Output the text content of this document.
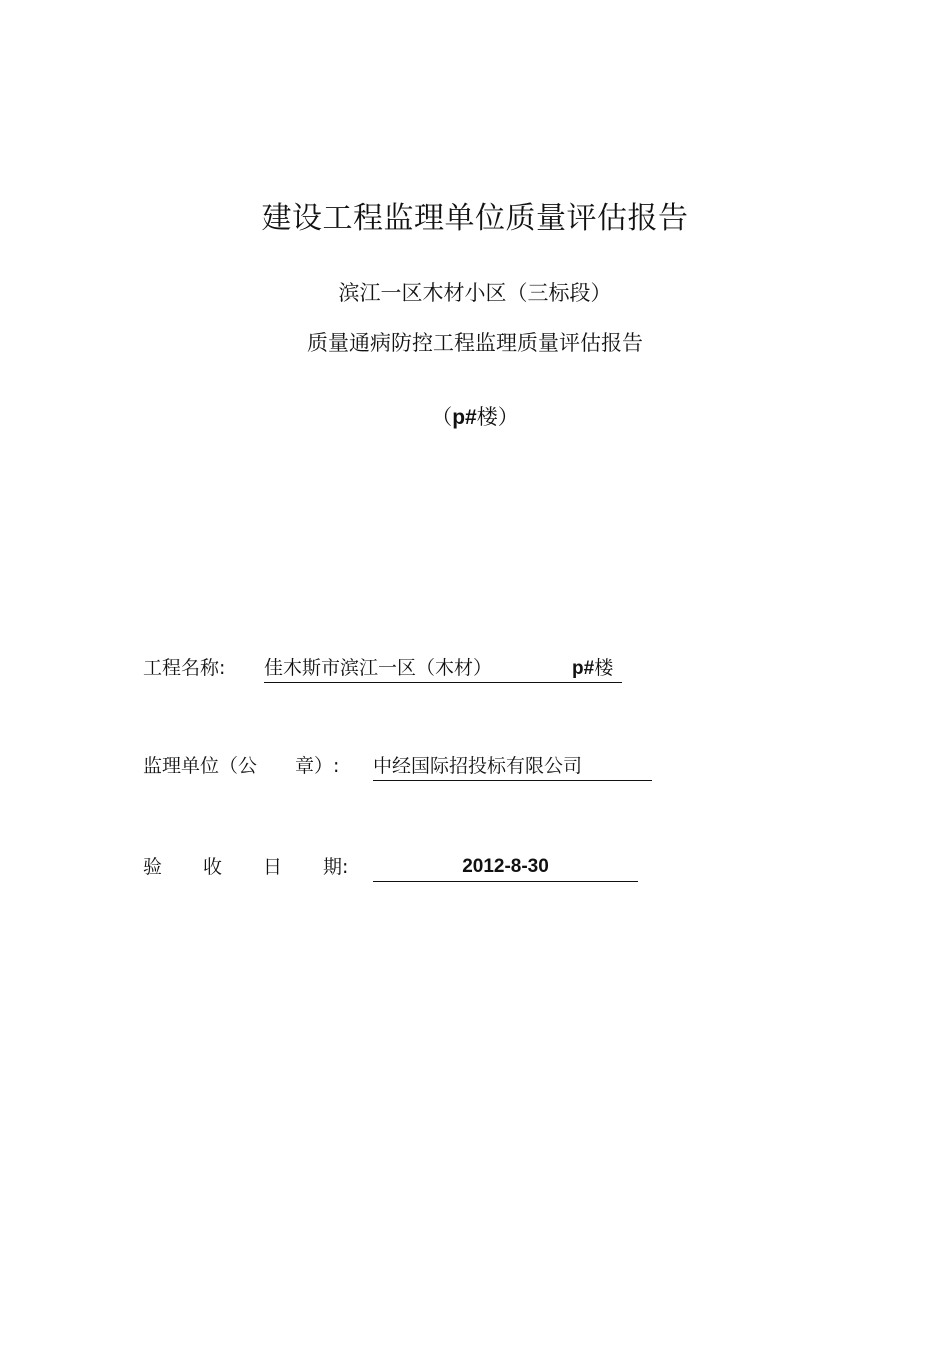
建设工程监理单位质量评估报告
滨江一区木材小区（三标段）
质量通病防控工程监理质量评估报告
（p#楼）
工程名称: 佳木斯市滨江一区（木材）	p#楼
监理单位（公　　章）: 中经国际招投标有限公司
验 收 日 期:	2012-8-30
